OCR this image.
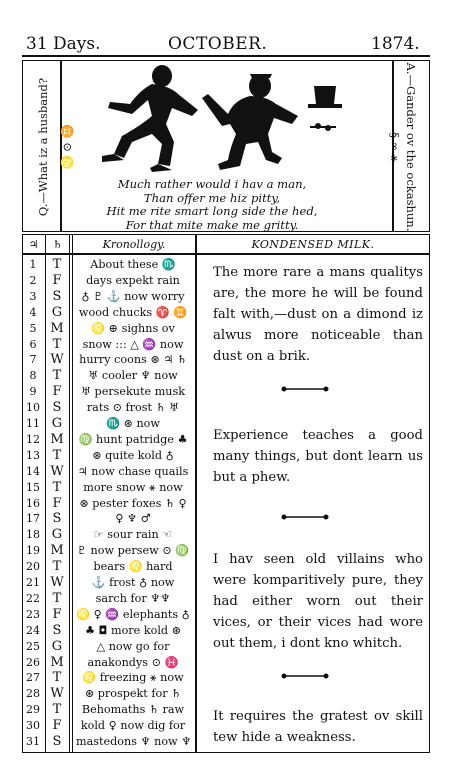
31 Days.	OCTOBER.	1874.
Q.—What iz a husband? ♌ ⊙ ♊	A.—Gander ov the ockashun.
§ ∞ ⚹
Much rather would i hav a man,
Than offer me hiz pitty,
Hit me rite smart long side the hed,
For that mite make me gritty.
♃	♄	Kronollogy.	KONDENSED MILK.
1	T	About these ♏
2	F	days expekt rain
3	S	♁ ♇ ⚓ now worry
4	G wood chucks ♈ ♊
5	M	♌ ⊕ sighns ov
6	T	snow ::: △ ♒ now
7	W hurry coons ⊛ ♃ ♄
8	T	♅ cooler ♆ now
9	F	♅ persekute musk
10 S	rats ⊙ frost ♄ ♅
11 G	♏ ⊛ now
12 M ♍ hunt patridge ♣
13 T	⊛ quite kold ♁
14 W ♃ now chase quails
15 T	more snow ⚹ now
16 F ⊛ pester foxes ♄ ♀
17 S	♀ ♆ ♂
18 G	☞ sour rain ☜
19 M ♇ now persew ⊙ ♍
20 T	bears ♌ hard
21 W	⚓ frost ♁ now
22 T	sarch for ♆♆
23 F ♌ ♀ ♒ elephants ♁
24 S	♣ ◘ more kold ⊛
25 G	△ now go for
26 M	anakondys ⊙ ♓
27 T	♌ freezing ⚹ now
28 W	⊛ prospekt for ♄
29 T	Behomaths ♄ raw
30 F	kold ♀ now dig for
31 S mastedons ♆ now ♆
The more rare a mans qualitys are, the more he will be found falt with,—dust on a dimond iz alwus more noticeable than dust on a brik.
Experience teaches a good many things, but dont learn us but a phew.
I hav seen old villains who were komparitively pure, they had either worn out their vices, or their vices had wore out them, i dont kno whitch.
It requires the gratest ov skill tew hide a weakness.
